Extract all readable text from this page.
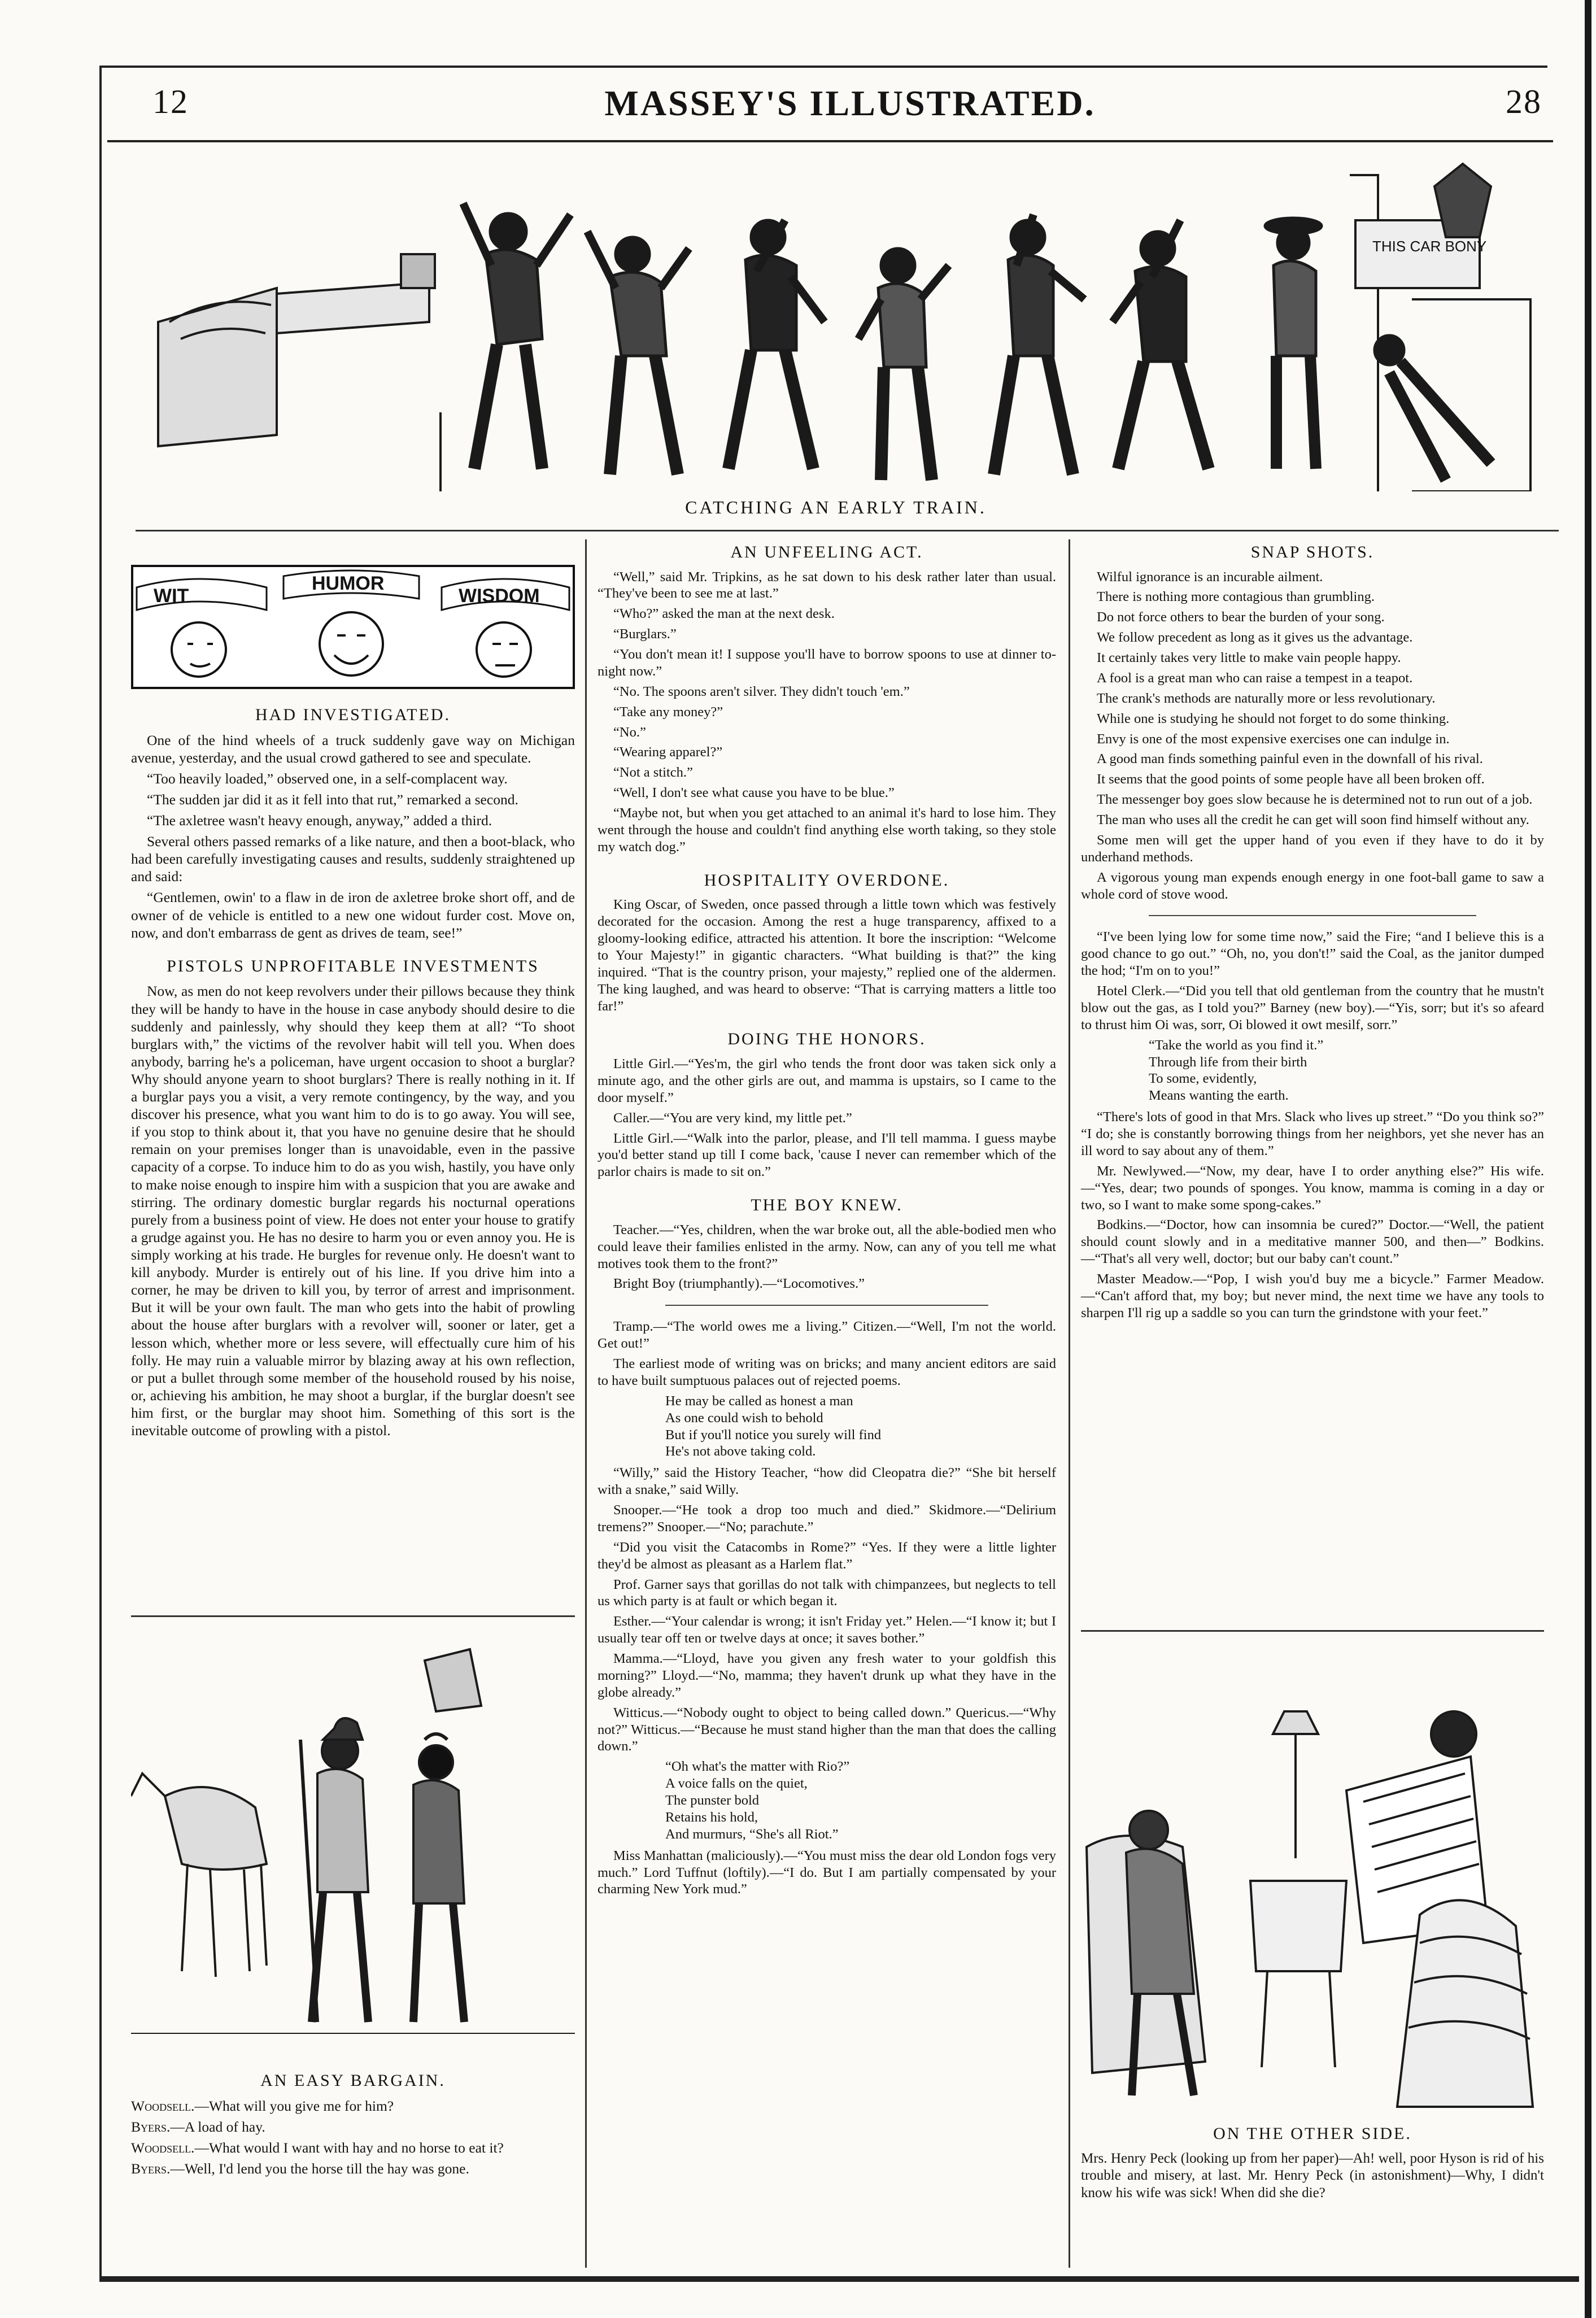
12	MASSEY'S ILLUSTRATED.	28
THIS CAR BONY
CATCHING AN EARLY TRAIN.
WIT
HUMOR
WISDOM
HAD INVESTIGATED.

One of the hind wheels of a truck suddenly gave way on Michigan avenue, yesterday, and the usual crowd gathered to see and speculate.

“Too heavily loaded,” observed one, in a self-complacent way.

“The sudden jar did it as it fell into that rut,” remarked a second.

“The axletree wasn't heavy enough, anyway,” added a third.

Several others passed remarks of a like nature, and then a boot-black, who had been carefully investigating causes and results, suddenly straightened up and said:

“Gentlemen, owin' to a flaw in de iron de axletree broke short off, and de owner of de vehicle is entitled to a new one widout furder cost. Move on, now, and don't embarrass de gent as drives de team, see!”

PISTOLS UNPROFITABLE INVESTMENTS

Now, as men do not keep revolvers under their pillows because they think they will be handy to have in the house in case anybody should desire to die suddenly and painlessly, why should they keep them at all? “To shoot burglars with,” the victims of the revolver habit will tell you. When does anybody, barring he's a policeman, have urgent occasion to shoot a burglar? Why should anyone yearn to shoot burglars? There is really nothing in it. If a burglar pays you a visit, a very remote contingency, by the way, and you discover his presence, what you want him to do is to go away. You will see, if you stop to think about it, that you have no genuine desire that he should remain on your premises longer than is unavoidable, even in the passive capacity of a corpse. To induce him to do as you wish, hastily, you have only to make noise enough to inspire him with a suspicion that you are awake and stirring. The ordinary domestic burglar regards his nocturnal operations purely from a business point of view. He does not enter your house to gratify a grudge against you. He has no desire to harm you or even annoy you. He is simply working at his trade. He burgles for revenue only. He doesn't want to kill anybody. Murder is entirely out of his line. If you drive him into a corner, he may be driven to kill you, by terror of arrest and imprisonment. But it will be your own fault. The man who gets into the habit of prowling about the house after burglars with a revolver will, sooner or later, get a lesson which, whether more or less severe, will effectually cure him of his folly. He may ruin a valuable mirror by blazing away at his own reflection, or put a bullet through some member of the household roused by his noise, or, achieving his ambition, he may shoot a burglar, if the burglar doesn't see him first, or the burglar may shoot him. Something of this sort is the inevitable outcome of prowling with a pistol.

AN EASY BARGAIN.

Woodsell.—What will you give me for him?

Byers.—A load of hay.

Woodsell.—What would I want with hay and no horse to eat it?

Byers.—Well, I'd lend you the horse till the hay was gone.

AN UNFEELING ACT.

“Well,” said Mr. Tripkins, as he sat down to his desk rather later than usual. “They've been to see me at last.”

“Who?” asked the man at the next desk.

“Burglars.”

“You don't mean it! I suppose you'll have to borrow spoons to use at dinner to-night now.”

“No. The spoons aren't silver. They didn't touch 'em.”

“Take any money?”

“No.”

“Wearing apparel?”

“Not a stitch.”

“Well, I don't see what cause you have to be blue.”

“Maybe not, but when you get attached to an animal it's hard to lose him. They went through the house and couldn't find anything else worth taking, so they stole my watch dog.”

HOSPITALITY OVERDONE.

King Oscar, of Sweden, once passed through a little town which was festively decorated for the occasion. Among the rest a huge transparency, affixed to a gloomy-looking edifice, attracted his attention. It bore the inscription: “Welcome to Your Majesty!” in gigantic characters. “What building is that?” the king inquired. “That is the country prison, your majesty,” replied one of the aldermen. The king laughed, and was heard to observe: “That is carrying matters a little too far!”

DOING THE HONORS.

Little Girl.—“Yes'm, the girl who tends the front door was taken sick only a minute ago, and the other girls are out, and mamma is upstairs, so I came to the door myself.”

Caller.—“You are very kind, my little pet.”

Little Girl.—“Walk into the parlor, please, and I'll tell mamma. I guess maybe you'd better stand up till I come back, 'cause I never can remember which of the parlor chairs is made to sit on.”

THE BOY KNEW.

Teacher.—“Yes, children, when the war broke out, all the able-bodied men who could leave their families enlisted in the army. Now, can any of you tell me what motives took them to the front?”

Bright Boy (triumphantly).—“Locomotives.”

Tramp.—“The world owes me a living.” Citizen.—“Well, I'm not the world. Get out!”

The earliest mode of writing was on bricks; and many ancient editors are said to have built sumptuous palaces out of rejected poems.

He may be called as honest a man
As one could wish to behold
But if you'll notice you surely will find
He's not above taking cold.

“Willy,” said the History Teacher, “how did Cleopatra die?” “She bit herself with a snake,” said Willy.

Snooper.—“He took a drop too much and died.” Skidmore.—“Delirium tremens?” Snooper.—“No; parachute.”

“Did you visit the Catacombs in Rome?” “Yes. If they were a little lighter they'd be almost as pleasant as a Harlem flat.”

Prof. Garner says that gorillas do not talk with chimpanzees, but neglects to tell us which party is at fault or which began it.

Esther.—“Your calendar is wrong; it isn't Friday yet.” Helen.—“I know it; but I usually tear off ten or twelve days at once; it saves bother.”

Mamma.—“Lloyd, have you given any fresh water to your goldfish this morning?” Lloyd.—“No, mamma; they haven't drunk up what they have in the globe already.”

Witticus.—“Nobody ought to object to being called down.” Quericus.—“Why not?” Witticus.—“Because he must stand higher than the man that does the calling down.”

“Oh what's the matter with Rio?”
A voice falls on the quiet,
The punster bold
Retains his hold,
And murmurs, “She's all Riot.”

Miss Manhattan (maliciously).—“You must miss the dear old London fogs very much.” Lord Tuffnut (loftily).—“I do. But I am partially compensated by your charming New York mud.”

SNAP SHOTS.

Wilful ignorance is an incurable ailment.

There is nothing more contagious than grumbling.

Do not force others to bear the burden of your song.

We follow precedent as long as it gives us the advantage.

It certainly takes very little to make vain people happy.

A fool is a great man who can raise a tempest in a teapot.

The crank's methods are naturally more or less revolutionary.

While one is studying he should not forget to do some thinking.

Envy is one of the most expensive exercises one can indulge in.

A good man finds something painful even in the downfall of his rival.

It seems that the good points of some people have all been broken off.

The messenger boy goes slow because he is determined not to run out of a job.

The man who uses all the credit he can get will soon find himself without any.

Some men will get the upper hand of you even if they have to do it by underhand methods.

A vigorous young man expends enough energy in one foot-ball game to saw a whole cord of stove wood.

“I've been lying low for some time now,” said the Fire; “and I believe this is a good chance to go out.” “Oh, no, you don't!” said the Coal, as the janitor dumped the hod; “I'm on to you!”

Hotel Clerk.—“Did you tell that old gentleman from the country that he mustn't blow out the gas, as I told you?” Barney (new boy).—“Yis, sorr; but it's so afeard to thrust him Oi was, sorr, Oi blowed it owt mesilf, sorr.”

“Take the world as you find it.”
Through life from their birth
To some, evidently,
Means wanting the earth.

“There's lots of good in that Mrs. Slack who lives up street.” “Do you think so?” “I do; she is constantly borrowing things from her neighbors, yet she never has an ill word to say about any of them.”

Mr. Newlywed.—“Now, my dear, have I to order anything else?” His wife.—“Yes, dear; two pounds of sponges. You know, mamma is coming in a day or two, so I want to make some spong-cakes.”

Bodkins.—“Doctor, how can insomnia be cured?” Doctor.—“Well, the patient should count slowly and in a meditative manner 500, and then—” Bodkins.—“That's all very well, doctor; but our baby can't count.”

Master Meadow.—“Pop, I wish you'd buy me a bicycle.” Farmer Meadow.—“Can't afford that, my boy; but never mind, the next time we have any tools to sharpen I'll rig up a saddle so you can turn the grindstone with your feet.”

ON THE OTHER SIDE.

Mrs. Henry Peck (looking up from her paper)—Ah! well, poor Hyson is rid of his trouble and misery, at last. Mr. Henry Peck (in astonishment)—Why, I didn't know his wife was sick! When did she die?
